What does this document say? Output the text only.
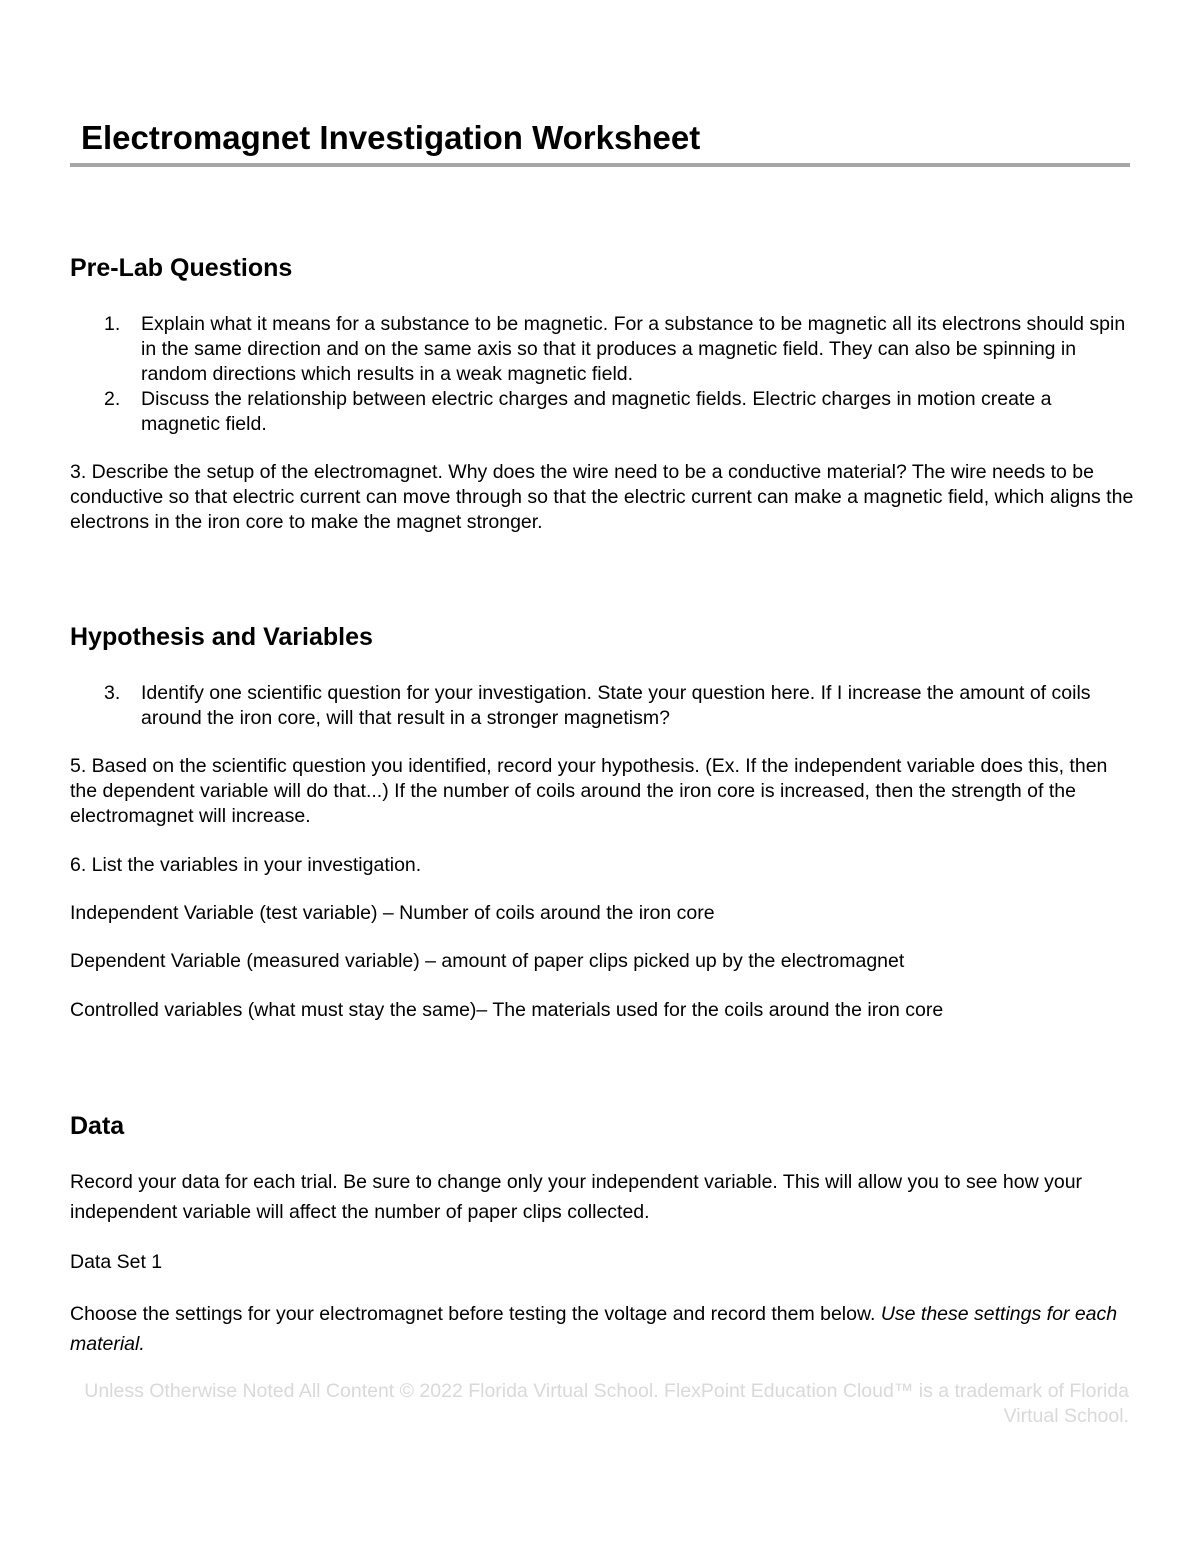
Electromagnet Investigation Worksheet
Pre-Lab Questions
1. Explain what it means for a substance to be magnetic. For a substance to be magnetic all its electrons should spin in the same direction and on the same axis so that it produces a magnetic field. They can also be spinning in random directions which results in a weak magnetic field.
2. Discuss the relationship between electric charges and magnetic fields. Electric charges in motion create a magnetic field.

3. Describe the setup of the electromagnet. Why does the wire need to be a conductive material? The wire needs to be conductive so that electric current can move through so that the electric current can make a magnetic field, which aligns the electrons in the iron core to make the magnet stronger.

Hypothesis and Variables
3. Identify one scientific question for your investigation. State your question here. If I increase the amount of coils around the iron core, will that result in a stronger magnetism?

5. Based on the scientific question you identified, record your hypothesis. (Ex. If the independent variable does this, then the dependent variable will do that...) If the number of coils around the iron core is increased, then the strength of the electromagnet will increase.

6. List the variables in your investigation.

Independent Variable (test variable) – Number of coils around the iron core

Dependent Variable (measured variable) – amount of paper clips picked up by the electromagnet

Controlled variables (what must stay the same)– The materials used for the coils around the iron core

Data

Record your data for each trial. Be sure to change only your independent variable. This will allow you to see how your independent variable will affect the number of paper clips collected.

Data Set 1

Choose the settings for your electromagnet before testing the voltage and record them below. Use these settings for each material.

Unless Otherwise Noted All Content © 2022 Florida Virtual School. FlexPoint Education Cloud™ is a trademark of Florida Virtual School.
